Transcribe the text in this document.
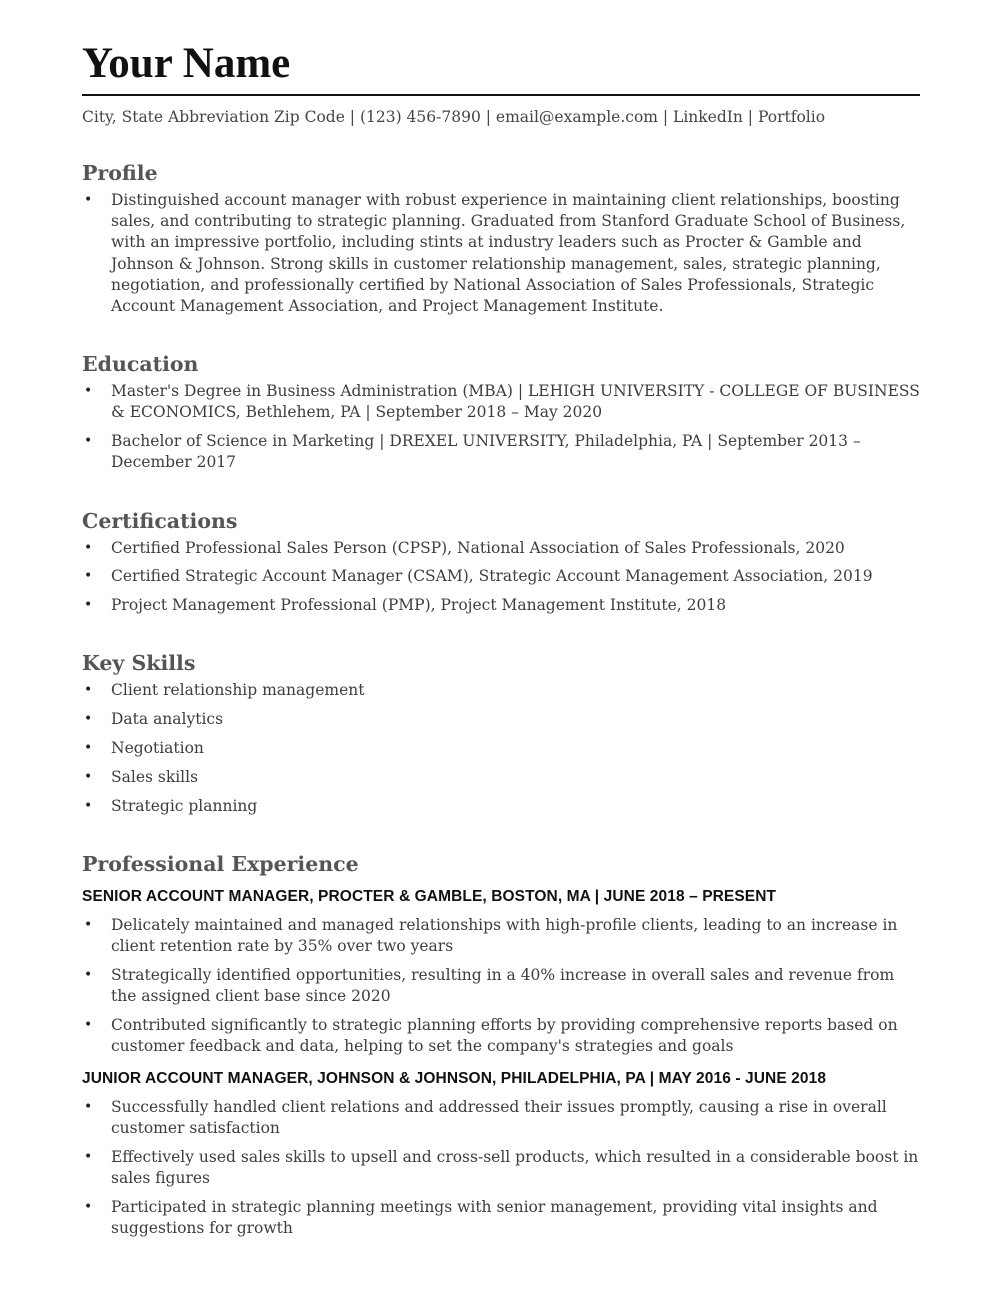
Your Name
City, State Abbreviation Zip Code | (123) 456-7890 | email@example.com | LinkedIn | Portfolio
Profile
• Distinguished account manager with robust experience in maintaining client relationships, boosting sales, and contributing to strategic planning. Graduated from Stanford Graduate School of Business, with an impressive portfolio, including stints at industry leaders such as Procter & Gamble and Johnson & Johnson. Strong skills in customer relationship management, sales, strategic planning, negotiation, and professionally certified by National Association of Sales Professionals, Strategic Account Management Association, and Project Management Institute.
Education
• Master's Degree in Business Administration (MBA) | LEHIGH UNIVERSITY - COLLEGE OF BUSINESS & ECONOMICS, Bethlehem, PA | September 2018 – May 2020
• Bachelor of Science in Marketing | DREXEL UNIVERSITY, Philadelphia, PA | September 2013 – December 2017
Certifications
• Certified Professional Sales Person (CPSP), National Association of Sales Professionals, 2020
• Certified Strategic Account Manager (CSAM), Strategic Account Management Association, 2019
• Project Management Professional (PMP), Project Management Institute, 2018
Key Skills
• Client relationship management
• Data analytics
• Negotiation
• Sales skills
• Strategic planning
Professional Experience
SENIOR ACCOUNT MANAGER, PROCTER & GAMBLE, BOSTON, MA | JUNE 2018 – PRESENT
• Delicately maintained and managed relationships with high-profile clients, leading to an increase in client retention rate by 35% over two years
• Strategically identified opportunities, resulting in a 40% increase in overall sales and revenue from the assigned client base since 2020
• Contributed significantly to strategic planning efforts by providing comprehensive reports based on customer feedback and data, helping to set the company's strategies and goals
JUNIOR ACCOUNT MANAGER, JOHNSON & JOHNSON, PHILADELPHIA, PA | MAY 2016 - JUNE 2018
• Successfully handled client relations and addressed their issues promptly, causing a rise in overall customer satisfaction
• Effectively used sales skills to upsell and cross-sell products, which resulted in a considerable boost in sales figures
• Participated in strategic planning meetings with senior management, providing vital insights and suggestions for growth
